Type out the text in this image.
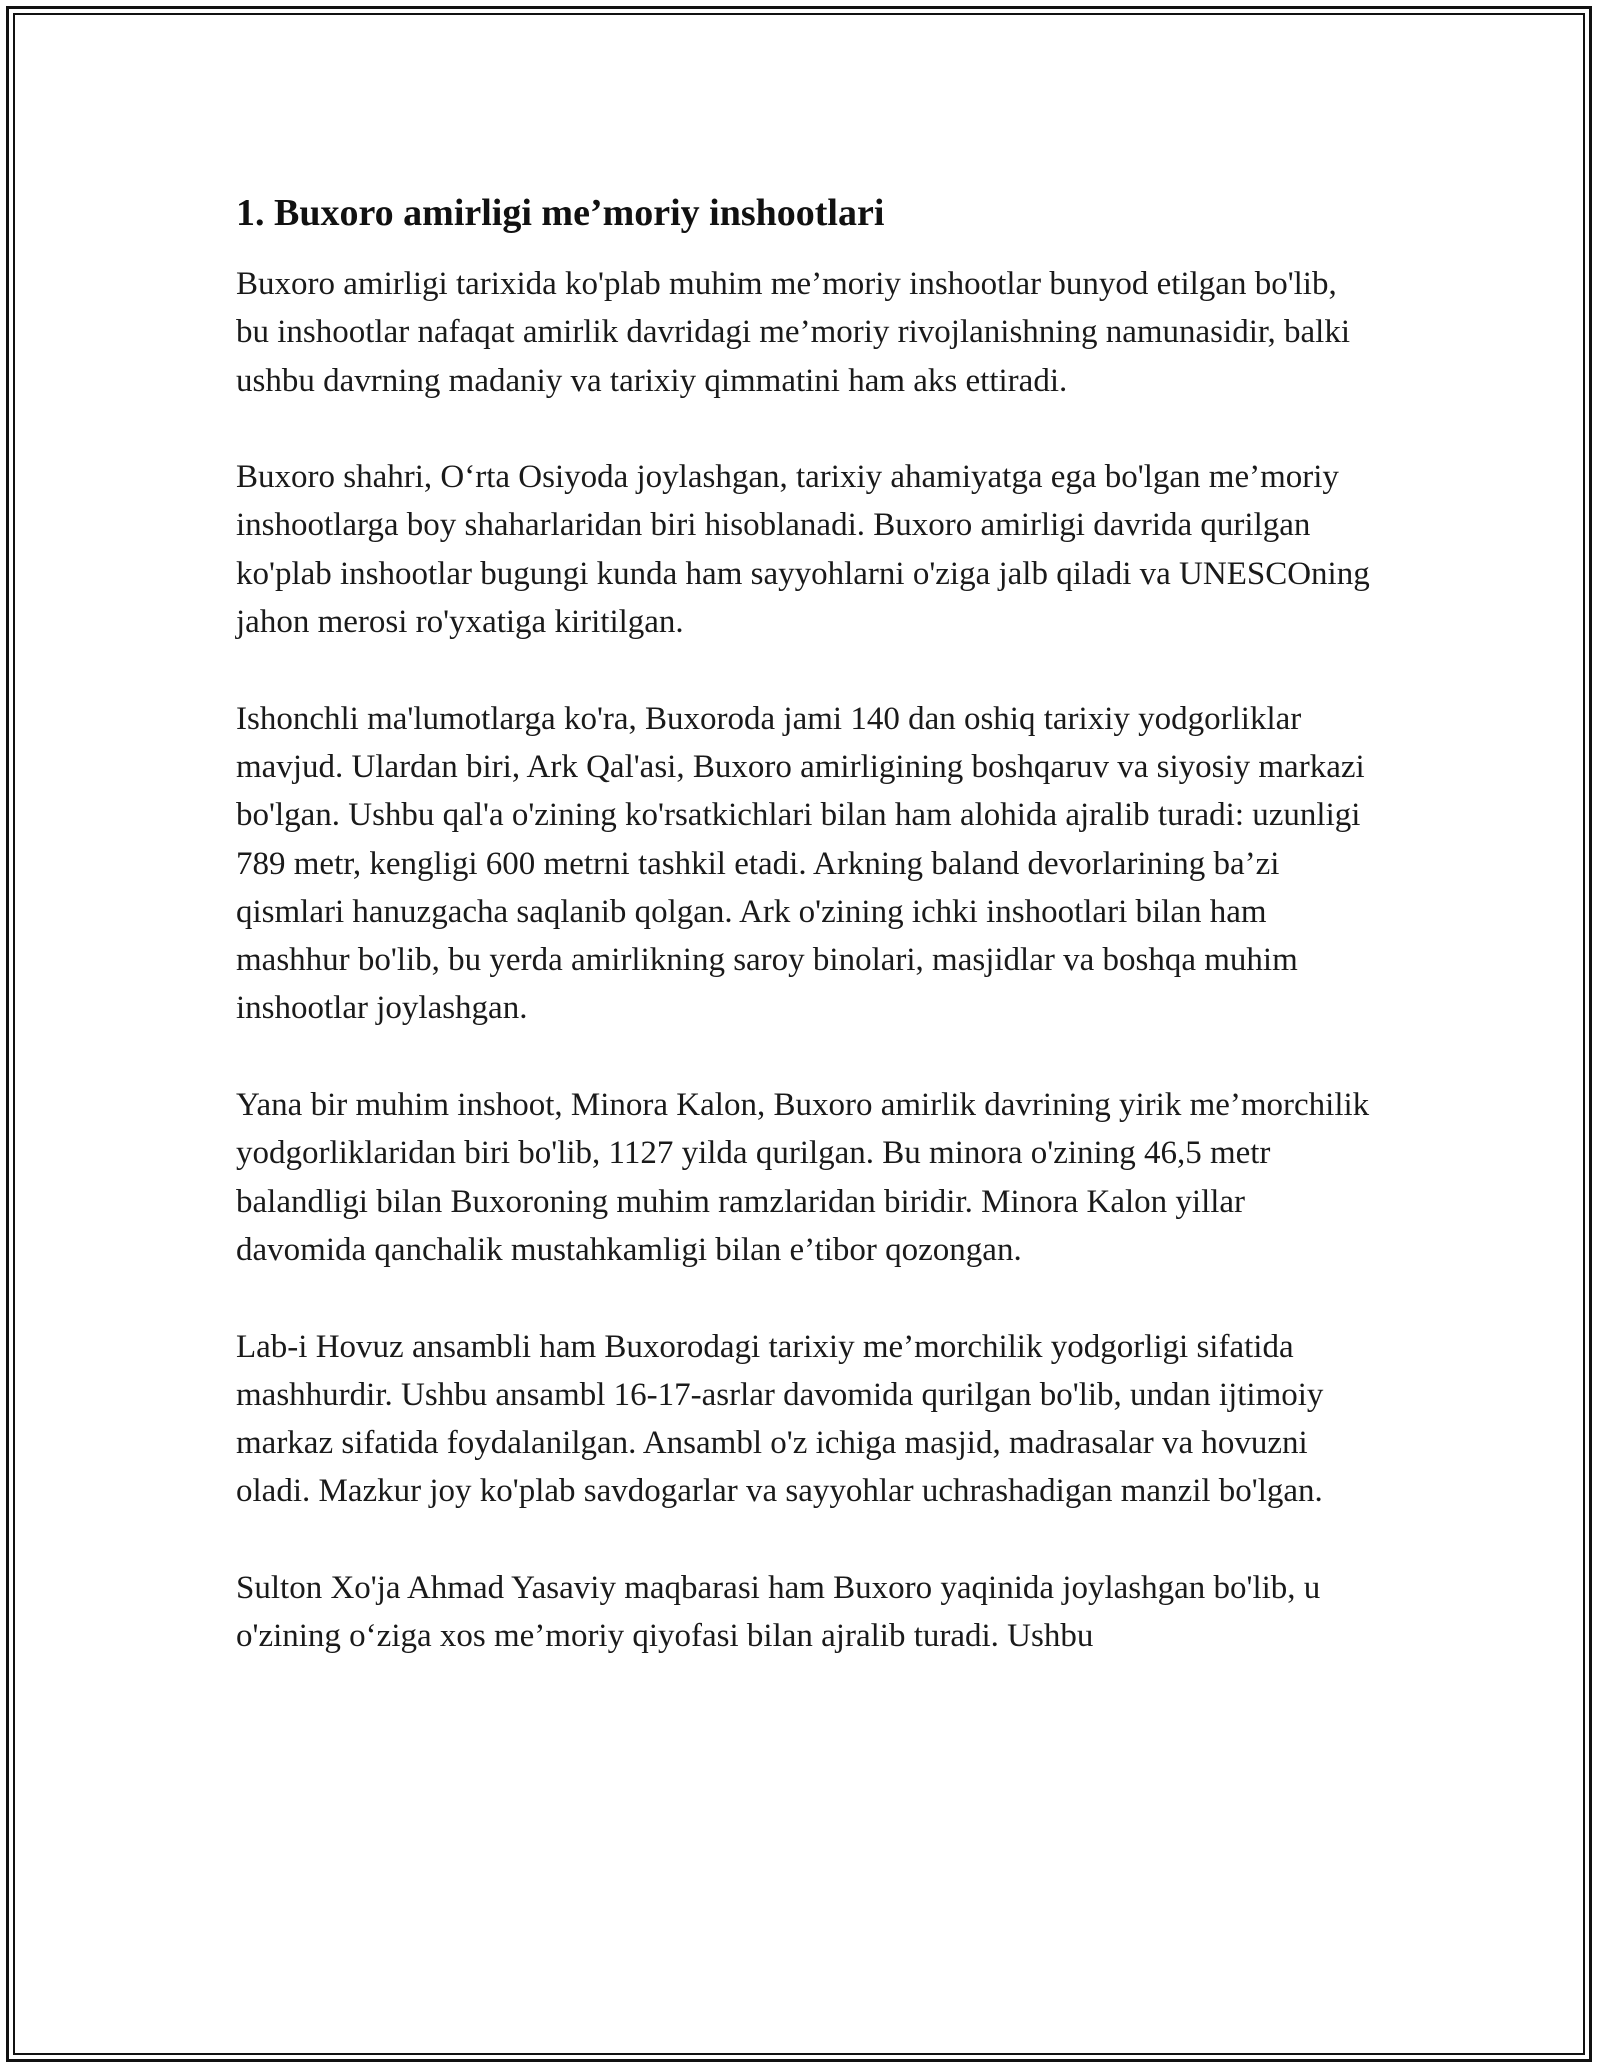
1. Buxoro amirligi me’moriy inshootlari

Buxoro amirligi tarixida ko'plab muhim me’moriy inshootlar bunyod etilgan bo'lib, bu inshootlar nafaqat amirlik davridagi me’moriy rivojlanishning namunasidir, balki ushbu davrning madaniy va tarixiy qimmatini ham aks ettiradi.

Buxoro shahri, O‘rta Osiyoda joylashgan, tarixiy ahamiyatga ega bo'lgan me’moriy inshootlarga boy shaharlaridan biri hisoblanadi. Buxoro amirligi davrida qurilgan ko'plab inshootlar bugungi kunda ham sayyohlarni o'ziga jalb qiladi va UNESCOning jahon merosi ro'yxatiga kiritilgan.

Ishonchli ma'lumotlarga ko'ra, Buxoroda jami 140 dan oshiq tarixiy yodgorliklar mavjud. Ulardan biri, Ark Qal'asi, Buxoro amirligining boshqaruv va siyosiy markazi bo'lgan. Ushbu qal'a o'zining ko'rsatkichlari bilan ham alohida ajralib turadi: uzunligi 789 metr, kengligi 600 metrni tashkil etadi. Arkning baland devorlarining ba’zi qismlari hanuzgacha saqlanib qolgan. Ark o'zining ichki inshootlari bilan ham mashhur bo'lib, bu yerda amirlikning saroy binolari, masjidlar va boshqa muhim inshootlar joylashgan.

Yana bir muhim inshoot, Minora Kalon, Buxoro amirlik davrining yirik me’morchilik yodgorliklaridan biri bo'lib, 1127 yilda qurilgan. Bu minora o'zining 46,5 metr balandligi bilan Buxoroning muhim ramzlaridan biridir. Minora Kalon yillar davomida qanchalik mustahkamligi bilan e’tibor qozongan.

Lab-i Hovuz ansambli ham Buxorodagi tarixiy me’morchilik yodgorligi sifatida mashhurdir. Ushbu ansambl 16-17-asrlar davomida qurilgan bo'lib, undan ijtimoiy markaz sifatida foydalanilgan. Ansambl o'z ichiga masjid, madrasalar va hovuzni oladi. Mazkur joy ko'plab savdogarlar va sayyohlar uchrashadigan manzil bo'lgan.

Sulton Xo'ja Ahmad Yasaviy maqbarasi ham Buxoro yaqinida joylashgan bo'lib, u o'zining o‘ziga xos me’moriy qiyofasi bilan ajralib turadi. Ushbu
